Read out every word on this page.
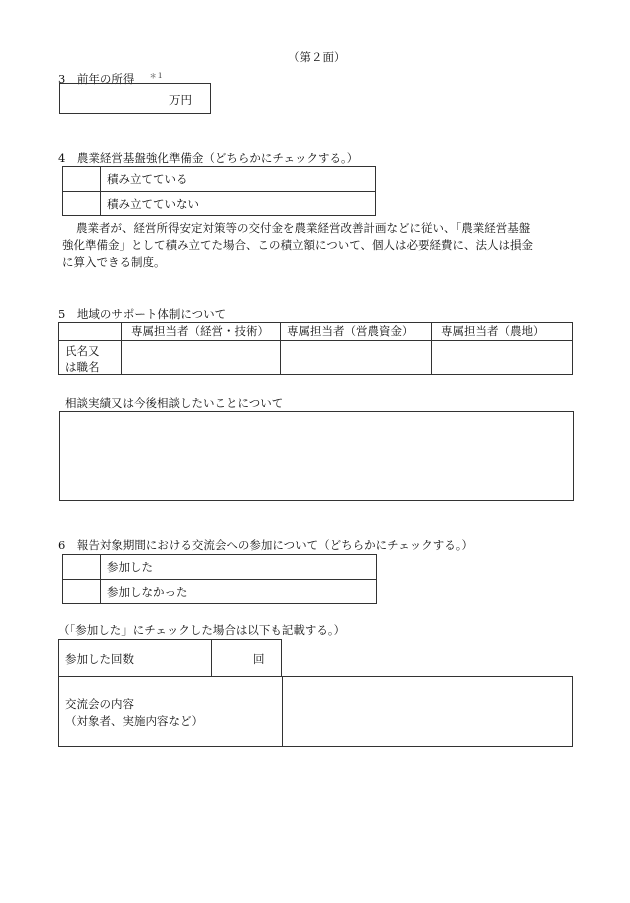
（第２面）
3　前年の所得 $^{*1}$
万円
4　農業経営基盤強化準備金（どちらかにチェックする。）
積み立てている
積み立てていない
農業者が、経営所得安定対策等の交付金を農業経営改善計画などに従い、「農業経営基盤
強化準備金」として積み立てた場合、この積立額について、個人は必要経費に、法人は損金
に算入できる制度。
5　地域のサポート体制について
専属担当者（経営・技術） 専属担当者（営農資金） 専属担当者（農地）
氏名又
は職名
相談実績又は今後相談したいことについて
6　報告対象期間における交流会への参加について（どちらかにチェックする。）
参加した
参加しなかった
（「参加した」にチェックした場合は以下も記載する。）
参加した回数	回
交流会の内容
（対象者、実施内容など）
